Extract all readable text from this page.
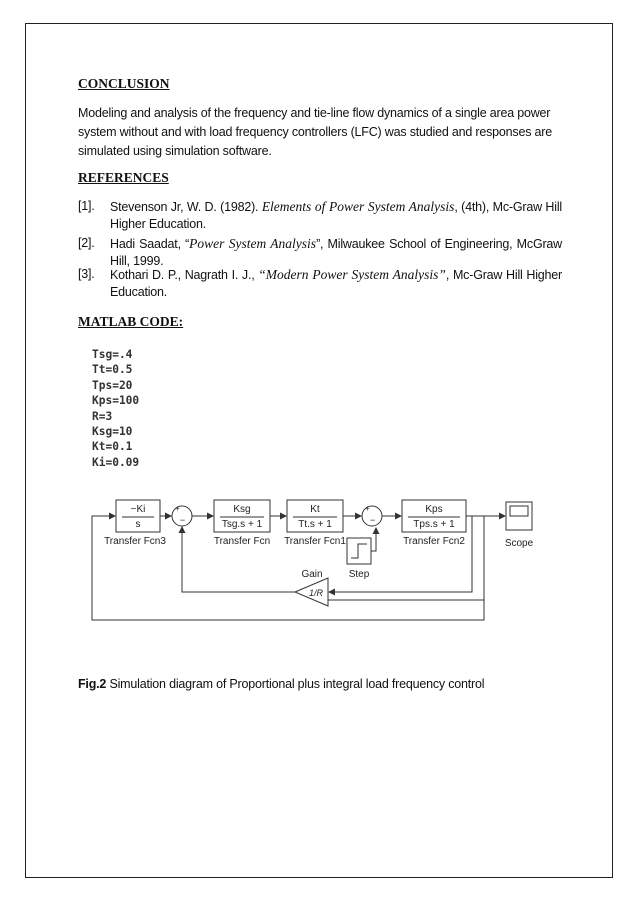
CONCLUSION

Modeling and analysis of the frequency and tie-line flow dynamics of a single area power

system without and with load frequency controllers (LFC) was studied and responses are

simulated using simulation software.

REFERENCES

[1].	Stevenson Jr, W. D. (1982). Elements of Power System Analysis, (4th), Mc-Graw Hill Higher Education.
[2].	Hadi Saadat, “Power System Analysis”, Milwaukee School of Engineering, McGraw Hill, 1999.
[3].	Kothari D. P., Nagrath I. J., “Modern Power System Analysis”, Mc-Graw Hill Higher Education.

MATLAB CODE:

Tsg=.4
Tt=0.5
Tps=20
Kps=100
R=3
Ksg=10
Kt=0.1
Ki=0.09
−Ki
s
Ksg
Tsg.s + 1
Kt
Tt.s + 1
Kps
Tps.s + 1
+
−
+
−
1/R
Transfer Fcn3	Transfer Fcn Transfer Fcn1	Transfer Fcn2	Scope
Step
Gain

Fig.2 Simulation diagram of Proportional plus integral load frequency control
